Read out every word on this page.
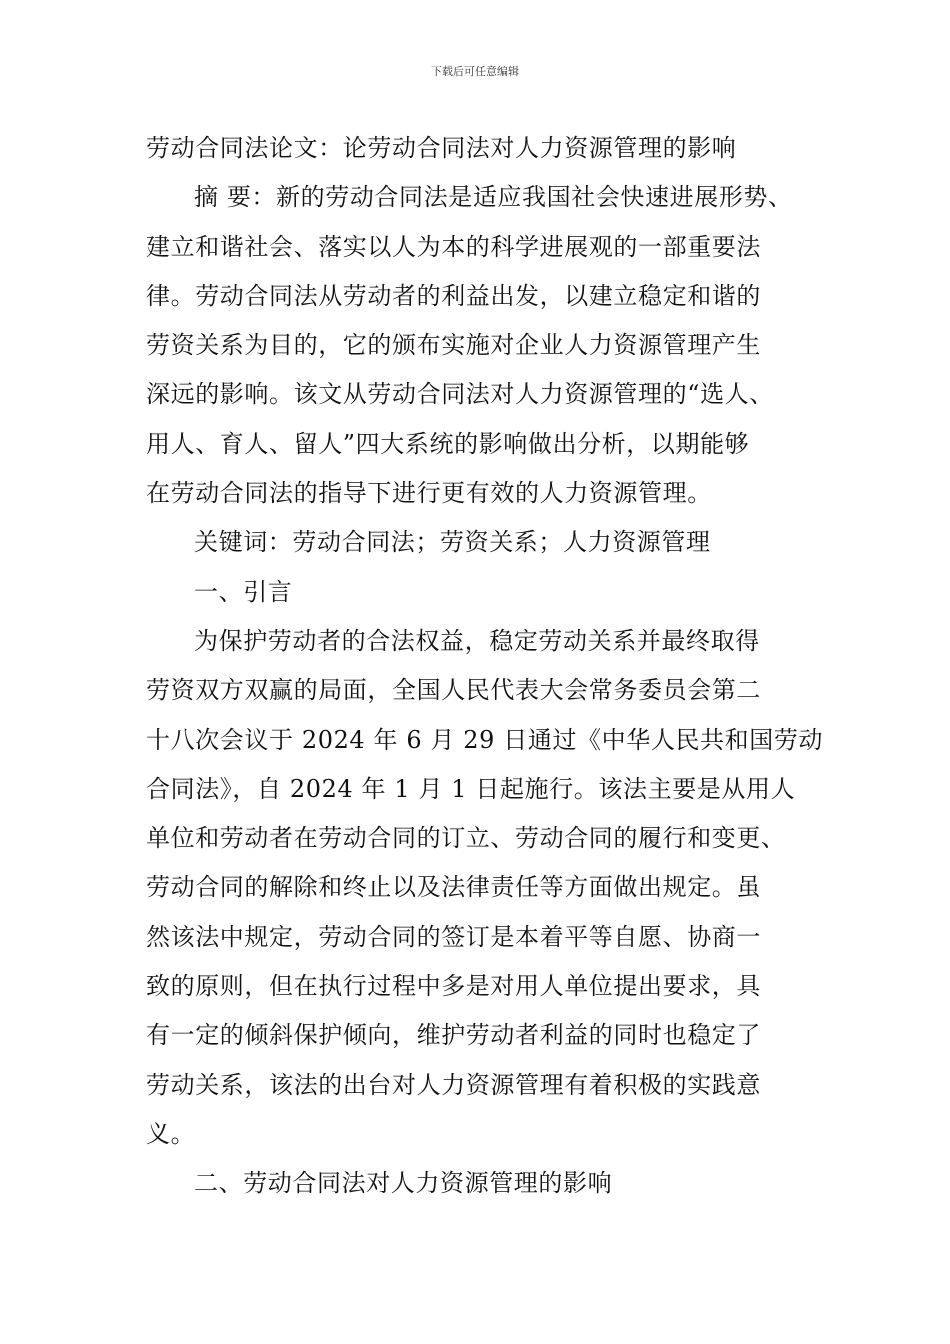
下载后可任意编辑
劳动合同法论文：论劳动合同法对人力资源管理的影响
摘 要：新的劳动合同法是适应我国社会快速进展形势、
建立和谐社会、落实以人为本的科学进展观的一部重要法
律。劳动合同法从劳动者的利益出发，以建立稳定和谐的
劳资关系为目的，它的颁布实施对企业人力资源管理产生
深远的影响。该文从劳动合同法对人力资源管理的“选人、
用人、育人、留人”四大系统的影响做出分析，以期能够
在劳动合同法的指导下进行更有效的人力资源管理。
关键词：劳动合同法；劳资关系；人力资源管理
一、引言
为保护劳动者的合法权益，稳定劳动关系并最终取得
劳资双方双赢的局面，全国人民代表大会常务委员会第二
十八次会议于 2024 年 6 月 29 日通过《中华人民共和国劳动
合同法》，自 2024 年 1 月 1 日起施行。该法主要是从用人
单位和劳动者在劳动合同的订立、劳动合同的履行和变更、
劳动合同的解除和终止以及法律责任等方面做出规定。虽
然该法中规定，劳动合同的签订是本着平等自愿、协商一
致的原则，但在执行过程中多是对用人单位提出要求，具
有一定的倾斜保护倾向，维护劳动者利益的同时也稳定了
劳动关系，该法的出台对人力资源管理有着积极的实践意
义。
二、劳动合同法对人力资源管理的影响
